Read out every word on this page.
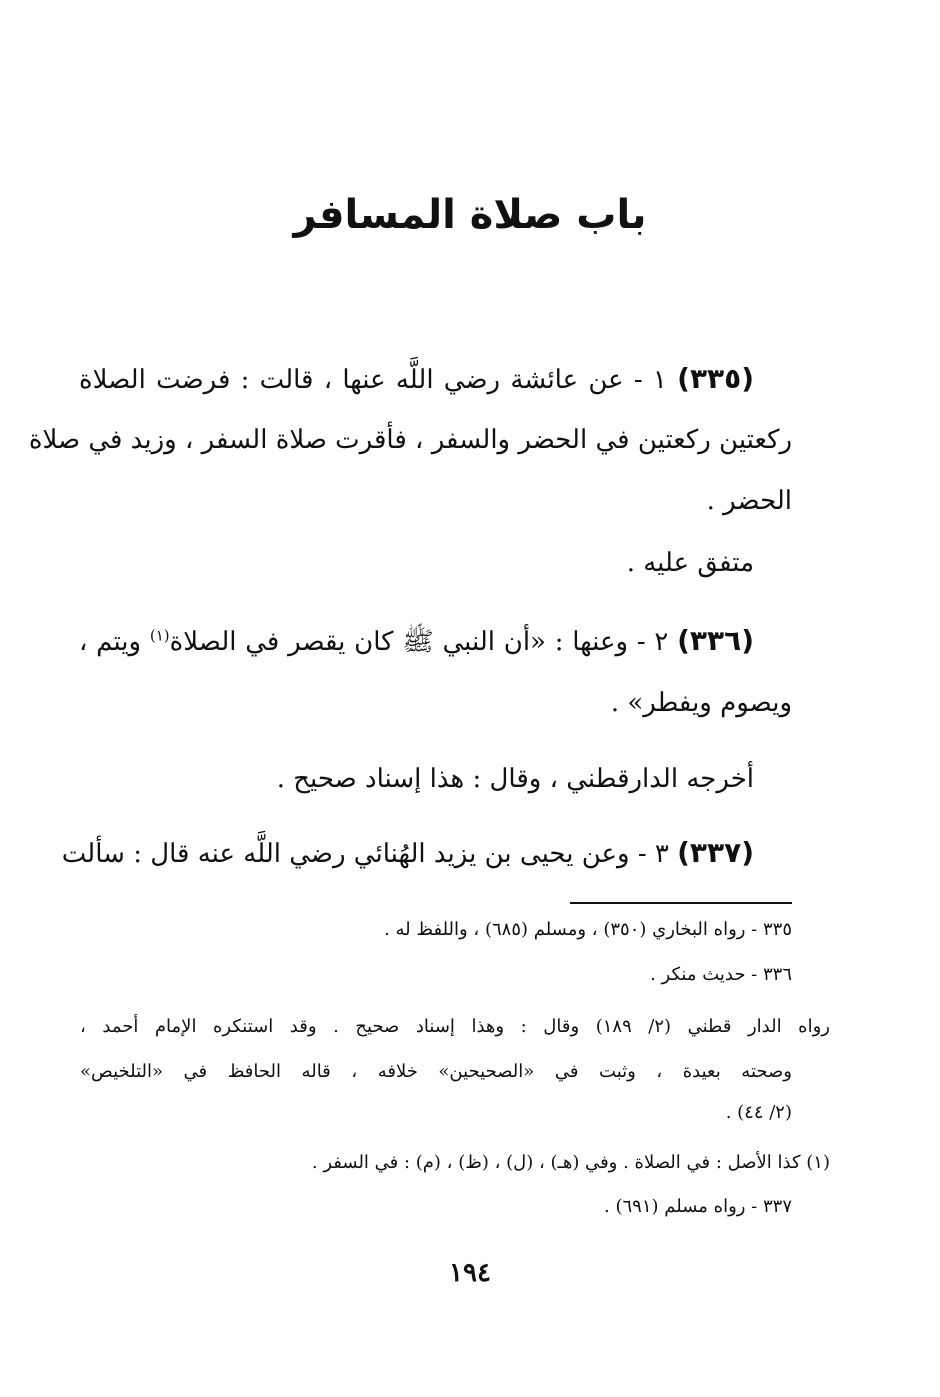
باب صلاة المسافر
(٣٣٥) ١ - عن عائشة رضي اللَّه عنها ، قالت : فرضت الصلاة
ركعتين ركعتين في الحضر والسفر ، فأقرت صلاة السفر ، وزيد في صلاة
الحضر .
متفق عليه .
(٣٣٦) ٢ - وعنها : «أن النبي ﷺ كان يقصر في الصلاة$^{(١)}$ ويتم ،
ويصوم ويفطر» .
أخرجه الدارقطني ، وقال : هذا إسناد صحيح .
(٣٣٧) ٣ - وعن يحيى بن يزيد الهُنائي رضي اللَّه عنه قال : سألت
٣٣٥ - رواه البخاري (٣٥٠) ، ومسلم (٦٨٥) ، واللفظ له .
٣٣٦ - حديث منكر .
رواه الدار قطني (٢/ ١٨٩) وقال : وهذا إسناد صحيح . وقد استنكره الإمام أحمد ،
وصحته بعيدة ، وثبت في «الصحيحين» خلافه ، قاله الحافظ في «التلخيص»
(٢/ ٤٤) .
(١) كذا الأصل : في الصلاة . وفي (هـ) ، (ل) ، (ظ) ، (م) : في السفر .
٣٣٧ - رواه مسلم (٦٩١) .
١٩٤
